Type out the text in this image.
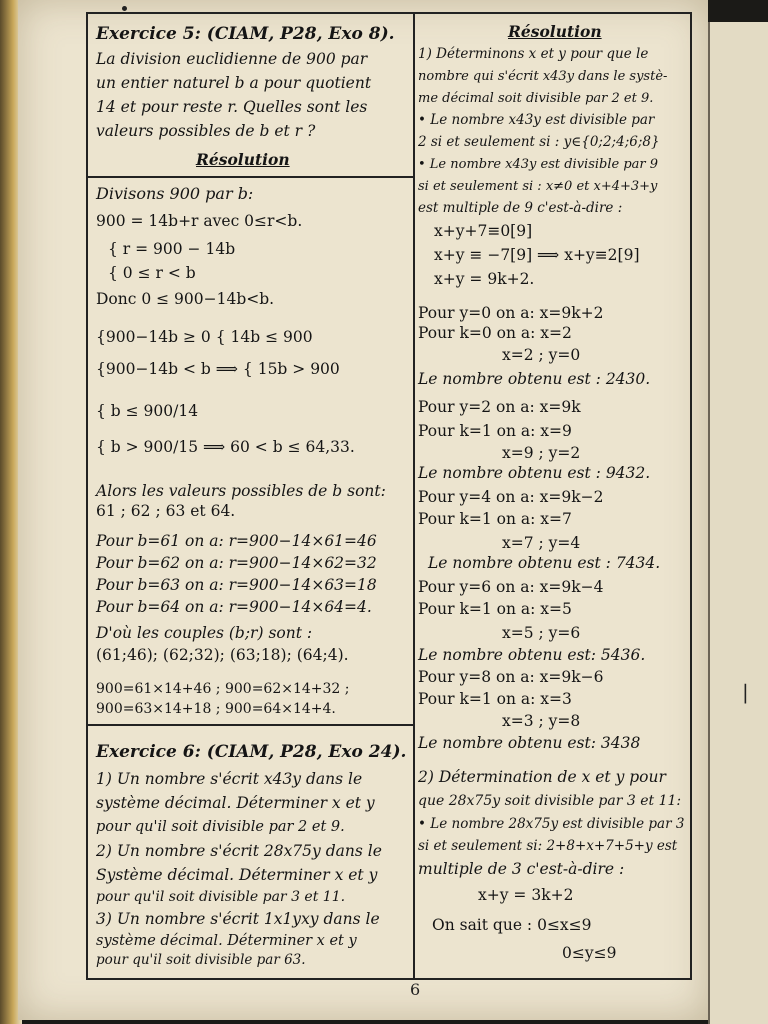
|
Exercice 5: (CIAM, P28, Exo 8).
La division euclidienne de 900 par
un entier naturel b a pour quotient
14 et pour reste r. Quelles sont les
valeurs possibles de b et r ?
Résolution
Divisons 900 par b:
900 = 14b+r avec 0≤r<b.
{ r = 900 − 14b
{ 0 ≤ r < b
Donc 0 ≤ 900−14b<b.
{900−14b ≥ 0 { 14b ≤ 900
{900−14b < b ⟹ { 15b > 900
{ b ≤ 900/14
{ b > 900/15 ⟹ 60 < b ≤ 64,33.
Alors les valeurs possibles de b sont:
61 ; 62 ; 63 et 64.
Pour b=61 on a: r=900−14×61=46
Pour b=62 on a: r=900−14×62=32
Pour b=63 on a: r=900−14×63=18
Pour b=64 on a: r=900−14×64=4.
D'où les couples (b;r) sont :
(61;46); (62;32); (63;18); (64;4).
900=61×14+46 ; 900=62×14+32 ;
900=63×14+18 ; 900=64×14+4.
Exercice 6: (CIAM, P28, Exo 24).
1) Un nombre s'écrit x43y dans le
système décimal. Déterminer x et y
pour qu'il soit divisible par 2 et 9.
2) Un nombre s'écrit 28x75y dans le
Système décimal. Déterminer x et y
pour qu'il soit divisible par 3 et 11.
3) Un nombre s'écrit 1x1yxy dans le
système décimal. Déterminer x et y
pour qu'il soit divisible par 63.
Résolution
1) Déterminons x et y pour que le
nombre qui s'écrit x43y dans le systè-
me décimal soit divisible par 2 et 9.
• Le nombre x43y est divisible par
2 si et seulement si : y∈{0;2;4;6;8}
• Le nombre x43y est divisible par 9
si et seulement si : x≠0 et x+4+3+y
est multiple de 9 c'est-à-dire :
x+y+7≡0[9]
x+y ≡ −7[9] ⟹ x+y≡2[9]
x+y = 9k+2.
Pour y=0 on a: x=9k+2
Pour k=0 on a: x=2
x=2 ; y=0
Le nombre obtenu est : 2430.
Pour y=2 on a: x=9k
Pour k=1 on a: x=9
x=9 ; y=2
Le nombre obtenu est : 9432.
Pour y=4 on a: x=9k−2
Pour k=1 on a: x=7
x=7 ; y=4
Le nombre obtenu est : 7434.
Pour y=6 on a: x=9k−4
Pour k=1 on a: x=5
x=5 ; y=6
Le nombre obtenu est: 5436.
Pour y=8 on a: x=9k−6
Pour k=1 on a: x=3
x=3 ; y=8
Le nombre obtenu est: 3438
2) Détermination de x et y pour
que 28x75y soit divisible par 3 et 11:
• Le nombre 28x75y est divisible par 3
si et seulement si: 2+8+x+7+5+y est
multiple de 3 c'est-à-dire :
x+y = 3k+2
On sait que : 0≤x≤9
0≤y≤9
6
